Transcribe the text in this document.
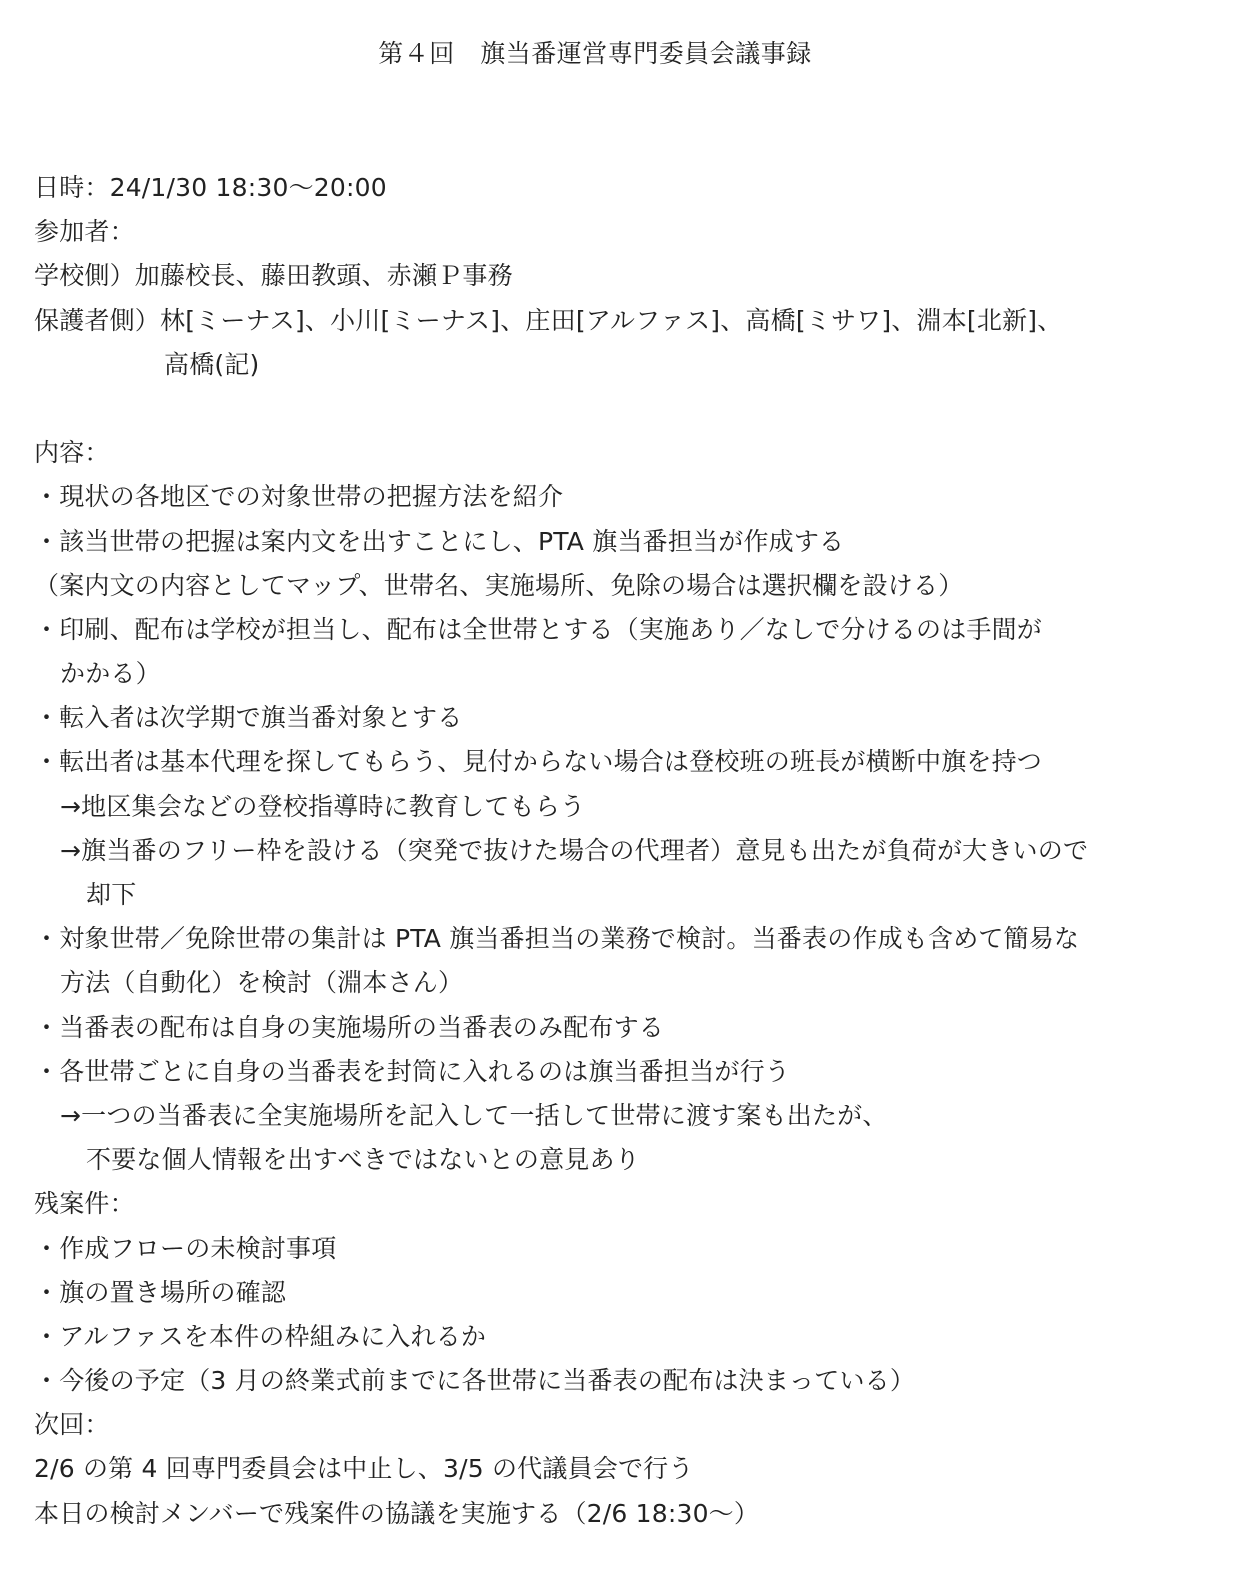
第４回　旗当番運営専門委員会議事録
日時：24/1/30 18:30～20:00
参加者：
学校側）加藤校長、藤田教頭、赤瀬Ｐ事務
保護者側）林[ミーナス]、小川[ミーナス]、庄田[アルファス]、高橋[ミサワ]、淵本[北新]、
高橋(記)
内容：
・現状の各地区での対象世帯の把握方法を紹介
・該当世帯の把握は案内文を出すことにし、PTA 旗当番担当が作成する
（案内文の内容としてマップ、世帯名、実施場所、免除の場合は選択欄を設ける）
・印刷、配布は学校が担当し、配布は全世帯とする（実施あり／なしで分けるのは手間が
かかる）
・転入者は次学期で旗当番対象とする
・転出者は基本代理を探してもらう、見付からない場合は登校班の班長が横断中旗を持つ
→地区集会などの登校指導時に教育してもらう
→旗当番のフリー枠を設ける（突発で抜けた場合の代理者）意見も出たが負荷が大きいので
却下
・対象世帯／免除世帯の集計は PTA 旗当番担当の業務で検討。当番表の作成も含めて簡易な
方法（自動化）を検討（淵本さん）
・当番表の配布は自身の実施場所の当番表のみ配布する
・各世帯ごとに自身の当番表を封筒に入れるのは旗当番担当が行う
→一つの当番表に全実施場所を記入して一括して世帯に渡す案も出たが、
不要な個人情報を出すべきではないとの意見あり
残案件：
・作成フローの未検討事項
・旗の置き場所の確認
・アルファスを本件の枠組みに入れるか
・今後の予定（3 月の終業式前までに各世帯に当番表の配布は決まっている）
次回：
2/6 の第 4 回専門委員会は中止し、3/5 の代議員会で行う
本日の検討メンバーで残案件の協議を実施する（2/6 18:30～）
